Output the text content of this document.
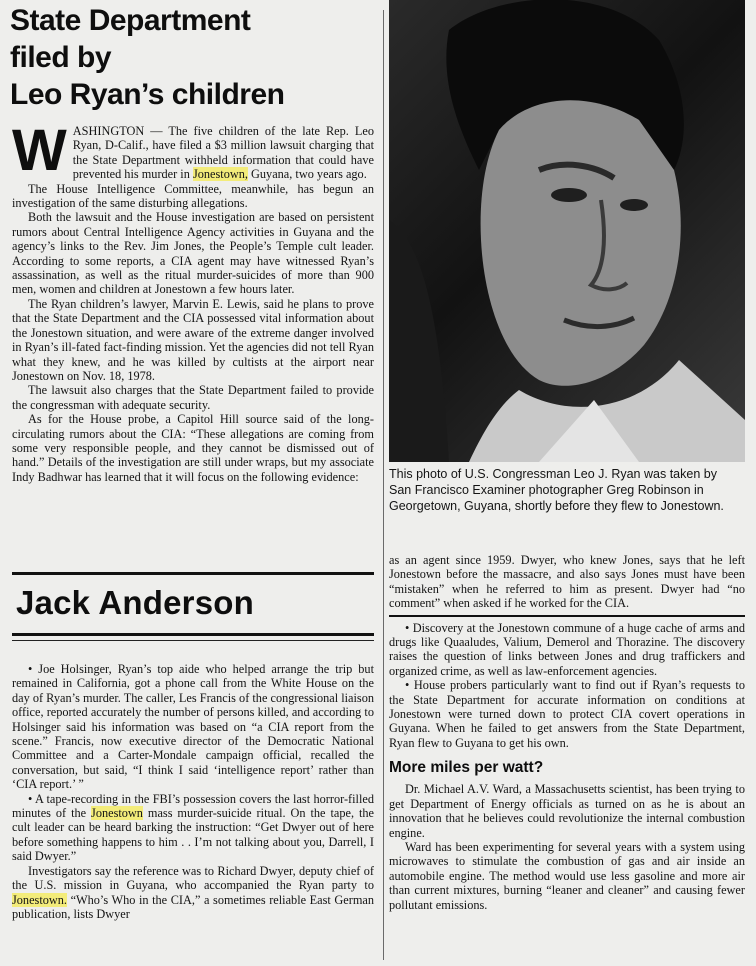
State Department
filed by
Leo Ryan’s children

WASHINGTON — The five children of the late Rep. Leo Ryan, D-Calif., have filed a $3 million lawsuit charging that the State Department withheld information that could have prevented his murder in Jonestown, Guyana, two years ago.

The House Intelligence Committee, meanwhile, has begun an investigation of the same disturbing allegations.

Both the lawsuit and the House investigation are based on persistent rumors about Central Intelligence Agency activities in Guyana and the agency’s links to the Rev. Jim Jones, the People’s Temple cult leader. According to some reports, a CIA agent may have witnessed Ryan’s assassination, as well as the ritual murder-suicides of more than 900 men, women and children at Jonestown a few hours later.

The Ryan children’s lawyer, Marvin E. Lewis, said he plans to prove that the State Department and the CIA possessed vital information about the Jonestown situation, and were aware of the extreme danger involved in Ryan’s ill-fated fact-finding mission. Yet the agencies did not tell Ryan what they knew, and he was killed by cultists at the airport near Jonestown on Nov. 18, 1978.

The lawsuit also charges that the State Department failed to provide the congressman with adequate security.

As for the House probe, a Capitol Hill source said of the long-circulating rumors about the CIA: “These allegations are coming from some very responsible people, and they cannot be dismissed out of hand.” Details of the investigation are still under wraps, but my associate Indy Badhwar has learned that it will focus on the following evidence:

Jack Anderson

• Joe Holsinger, Ryan’s top aide who helped arrange the trip but remained in California, got a phone call from the White House on the day of Ryan’s murder. The caller, Les Francis of the congressional liaison office, reported accurately the number of persons killed, and according to Holsinger said his information was based on “a CIA report from the scene.” Francis, now executive director of the Democratic National Committee and a Carter-Mondale campaign official, recalled the conversation, but said, “I think I said ‘intelligence report’ rather than ‘CIA report.’ ”

• A tape-recording in the FBI’s possession covers the last horror-filled minutes of the Jonestown mass murder-suicide ritual. On the tape, the cult leader can be heard barking the instruction: “Get Dwyer out of here before something happens to him . . I’m not talking about you, Darrell, I said Dwyer.”

Investigators say the reference was to Richard Dwyer, deputy chief of the U.S. mission in Guyana, who accompanied the Ryan party to Jonestown. “Who’s Who in the CIA,” a sometimes reliable East German publication, lists Dwyer

This photo of U.S. Congressman Leo J. Ryan was taken by San Francisco Examiner photographer Greg Robinson in Georgetown, Guyana, shortly before they flew to Jonestown.

as an agent since 1959. Dwyer, who knew Jones, says that he left Jonestown before the massacre, and also says Jones must have been “mistaken” when he referred to him as present. Dwyer had “no comment” when asked if he worked for the CIA.

• Discovery at the Jonestown commune of a huge cache of arms and drugs like Quaaludes, Valium, Demerol and Thorazine. The discovery raises the question of links between Jones and drug traffickers and organized crime, as well as law-enforcement agencies.

• House probers particularly want to find out if Ryan’s requests to the State Department for accurate information on conditions at Jonestown were turned down to protect CIA covert operations in Guyana. When he failed to get answers from the State Department, Ryan flew to Guyana to get his own.

More miles per watt?

Dr. Michael A.V. Ward, a Massachusetts scientist, has been trying to get Department of Energy officials as turned on as he is about an innovation that he believes could revolutionize the internal combustion engine.

Ward has been experimenting for several years with a system using microwaves to stimulate the combustion of gas and air inside an automobile engine. The method would use less gasoline and more air than current mixtures, burning “leaner and cleaner” and causing fewer pollutant emissions.
